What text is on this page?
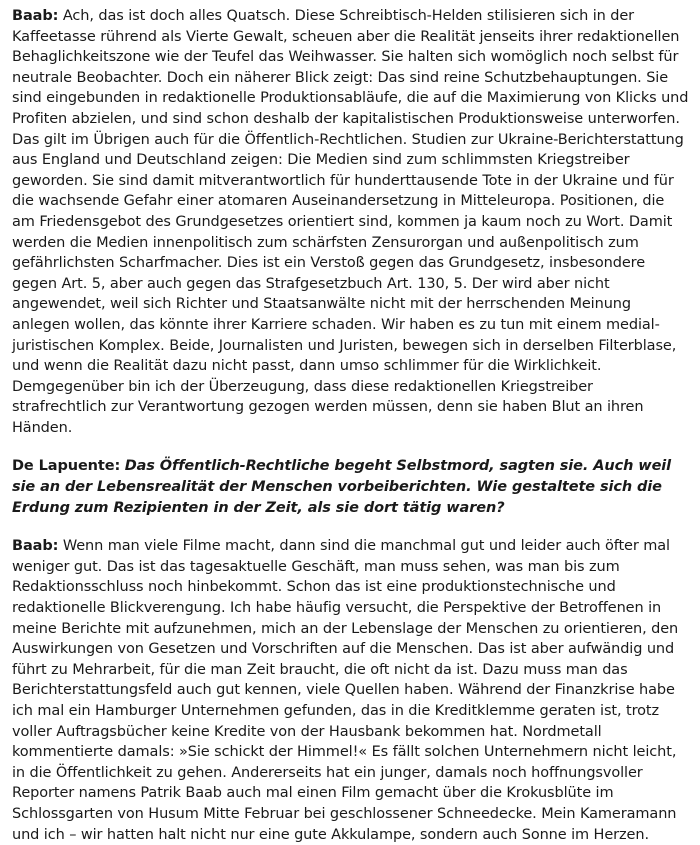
Baab: Ach, das ist doch alles Quatsch. Diese Schreibtisch-Helden stilisieren sich in der Kaffeetasse rührend als Vierte Gewalt, scheuen aber die Realität jenseits ihrer redaktionellen Behaglichkeitszone wie der Teufel das Weihwasser. Sie halten sich womöglich noch selbst für neutrale Beobachter. Doch ein näherer Blick zeigt: Das sind reine Schutzbehauptungen. Sie sind eingebunden in redaktionelle Produktionsabläufe, die auf die Maximierung von Klicks und Profiten abzielen, und sind schon deshalb der kapitalistischen Produktionsweise unterworfen. Das gilt im Übrigen auch für die Öffentlich-Rechtlichen. Studien zur Ukraine-Berichterstattung aus England und Deutschland zeigen: Die Medien sind zum schlimmsten Kriegstreiber geworden. Sie sind damit mitverantwortlich für hunderttausende Tote in der Ukraine und für die wachsende Gefahr einer atomaren Auseinandersetzung in Mitteleuropa. Positionen, die am Friedensgebot des Grundgesetzes orientiert sind, kommen ja kaum noch zu Wort. Damit werden die Medien innenpolitisch zum schärfsten Zensurorgan und außenpolitisch zum gefährlichsten Scharfmacher. Dies ist ein Verstoß gegen das Grundgesetz, insbesondere gegen Art. 5, aber auch gegen das Strafgesetzbuch Art. 130, 5. Der wird aber nicht angewendet, weil sich Richter und Staatsanwälte nicht mit der herrschenden Meinung anlegen wollen, das könnte ihrer Karriere schaden. Wir haben es zu tun mit einem medial-juristischen Komplex. Beide, Journalisten und Juristen, bewegen sich in derselben Filterblase, und wenn die Realität dazu nicht passt, dann umso schlimmer für die Wirklichkeit. Demgegenüber bin ich der Überzeugung, dass diese redaktionellen Kriegstreiber strafrechtlich zur Verantwortung gezogen werden müssen, denn sie haben Blut an ihren Händen.

De Lapuente: Das Öffentlich-Rechtliche begeht Selbstmord, sagten sie. Auch weil sie an der Lebensrealität der Menschen vorbeiberichten. Wie gestaltete sich die Erdung zum Rezipienten in der Zeit, als sie dort tätig waren?

Baab: Wenn man viele Filme macht, dann sind die manchmal gut und leider auch öfter mal weniger gut. Das ist das tagesaktuelle Geschäft, man muss sehen, was man bis zum Redaktionsschluss noch hinbekommt. Schon das ist eine produktionstechnische und redaktionelle Blickverengung. Ich habe häufig versucht, die Perspektive der Betroffenen in meine Berichte mit aufzunehmen, mich an der Lebenslage der Menschen zu orientieren, den Auswirkungen von Gesetzen und Vorschriften auf die Menschen. Das ist aber aufwändig und führt zu Mehrarbeit, für die man Zeit braucht, die oft nicht da ist. Dazu muss man das Berichterstattungsfeld auch gut kennen, viele Quellen haben. Während der Finanzkrise habe ich mal ein Hamburger Unternehmen gefunden, das in die Kreditklemme geraten ist, trotz voller Auftragsbücher keine Kredite von der Hausbank bekommen hat. Nordmetall kommentierte damals: »Sie schickt der Himmel!« Es fällt solchen Unternehmern nicht leicht, in die Öffentlichkeit zu gehen. Andererseits hat ein junger, damals noch hoffnungsvoller Reporter namens Patrik Baab auch mal einen Film gemacht über die Krokusblüte im Schlossgarten von Husum Mitte Februar bei geschlossener Schneedecke. Mein Kameramann und ich – wir hatten halt nicht nur eine gute Akkulampe, sondern auch Sonne im Herzen.
